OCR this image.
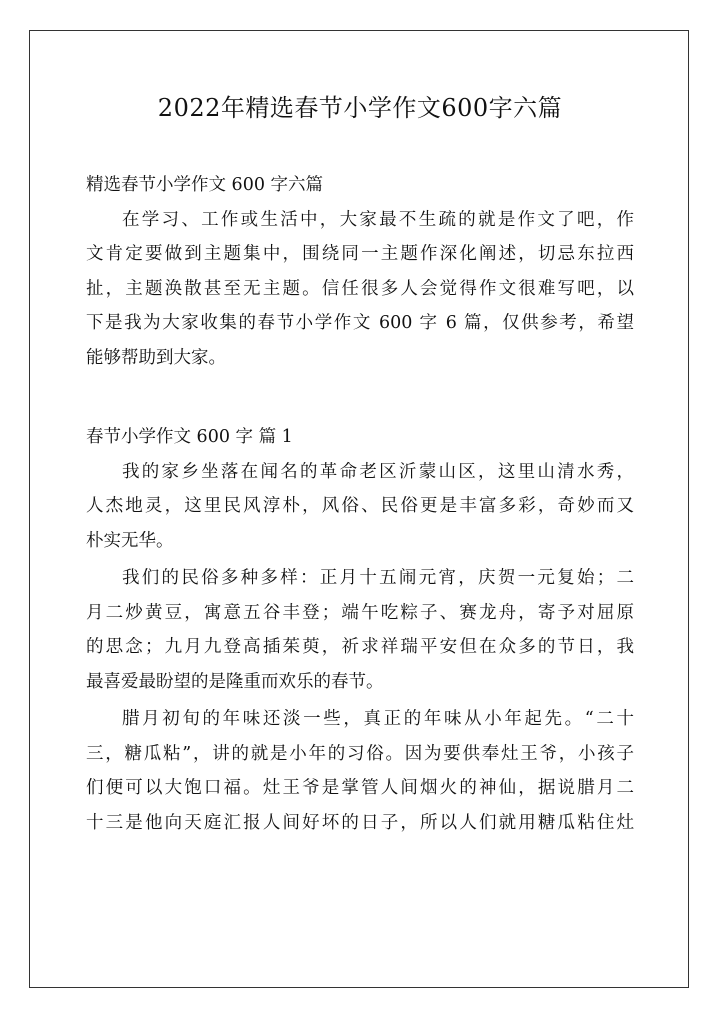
2022年精选春节小学作文600字六篇
精选春节小学作文 600 字六篇
在学习、工作或生活中，大家最不生疏的就是作文了吧，作
文肯定要做到主题集中，围绕同一主题作深化阐述，切忌东拉西
扯，主题涣散甚至无主题。信任很多人会觉得作文很难写吧，以
下是我为大家收集的春节小学作文 600 字 6 篇，仅供参考，希望
能够帮助到大家。
春节小学作文 600 字 篇 1
我的家乡坐落在闻名的革命老区沂蒙山区，这里山清水秀，
人杰地灵，这里民风淳朴，风俗、民俗更是丰富多彩，奇妙而又
朴实无华。
我们的民俗多种多样：正月十五闹元宵，庆贺一元复始；二
月二炒黄豆，寓意五谷丰登；端午吃粽子、赛龙舟，寄予对屈原
的思念；九月九登高插茱萸，祈求祥瑞平安但在众多的节日，我
最喜爱最盼望的是隆重而欢乐的春节。
腊月初旬的年味还淡一些，真正的年味从小年起先。“二十
三，糖瓜粘”，讲的就是小年的习俗。因为要供奉灶王爷，小孩子
们便可以大饱口福。灶王爷是掌管人间烟火的神仙，据说腊月二
十三是他向天庭汇报人间好坏的日子，所以人们就用糖瓜粘住灶
